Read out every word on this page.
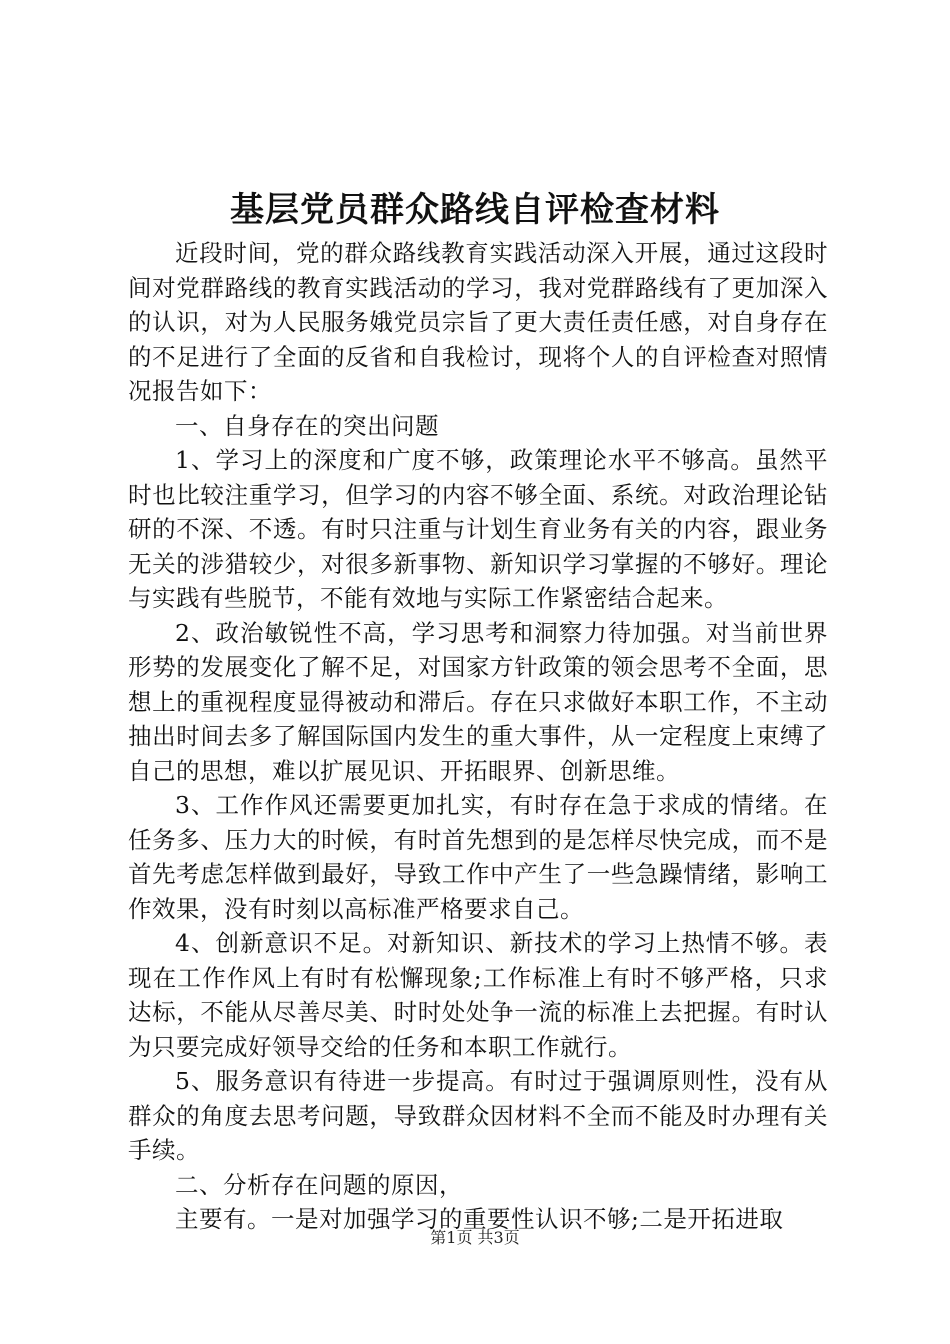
基层党员群众路线自评检查材料

近段时间，党的群众路线教育实践活动深入开展，通过这段时间对党群路线的教育实践活动的学习，我对党群路线有了更加深入的认识，对为人民服务娥党员宗旨了更大责任责任感，对自身存在的不足进行了全面的反省和自我检讨，现将个人的自评检查对照情况报告如下：

一、自身存在的突出问题

1、学习上的深度和广度不够，政策理论水平不够高。虽然平时也比较注重学习，但学习的内容不够全面、系统。对政治理论钻研的不深、不透。有时只注重与计划生育业务有关的内容，跟业务无关的涉猎较少，对很多新事物、新知识学习掌握的不够好。理论与实践有些脱节，不能有效地与实际工作紧密结合起来。

2、政治敏锐性不高，学习思考和洞察力待加强。对当前世界形势的发展变化了解不足，对国家方针政策的领会思考不全面，思想上的重视程度显得被动和滞后。存在只求做好本职工作，不主动抽出时间去多了解国际国内发生的重大事件，从一定程度上束缚了自己的思想，难以扩展见识、开拓眼界、创新思维。

3、工作作风还需要更加扎实，有时存在急于求成的情绪。在任务多、压力大的时候，有时首先想到的是怎样尽快完成，而不是首先考虑怎样做到最好，导致工作中产生了一些急躁情绪，影响工作效果，没有时刻以高标准严格要求自己。

4、创新意识不足。对新知识、新技术的学习上热情不够。表现在工作作风上有时有松懈现象;工作标准上有时不够严格，只求达标，不能从尽善尽美、时时处处争一流的标准上去把握。有时认为只要完成好领导交给的任务和本职工作就行。

5、服务意识有待进一步提高。有时过于强调原则性，没有从群众的角度去思考问题，导致群众因材料不全而不能及时办理有关手续。

二、分析存在问题的原因，

主要有。一是对加强学习的重要性认识不够;二是开拓进取

第1页 共3页
